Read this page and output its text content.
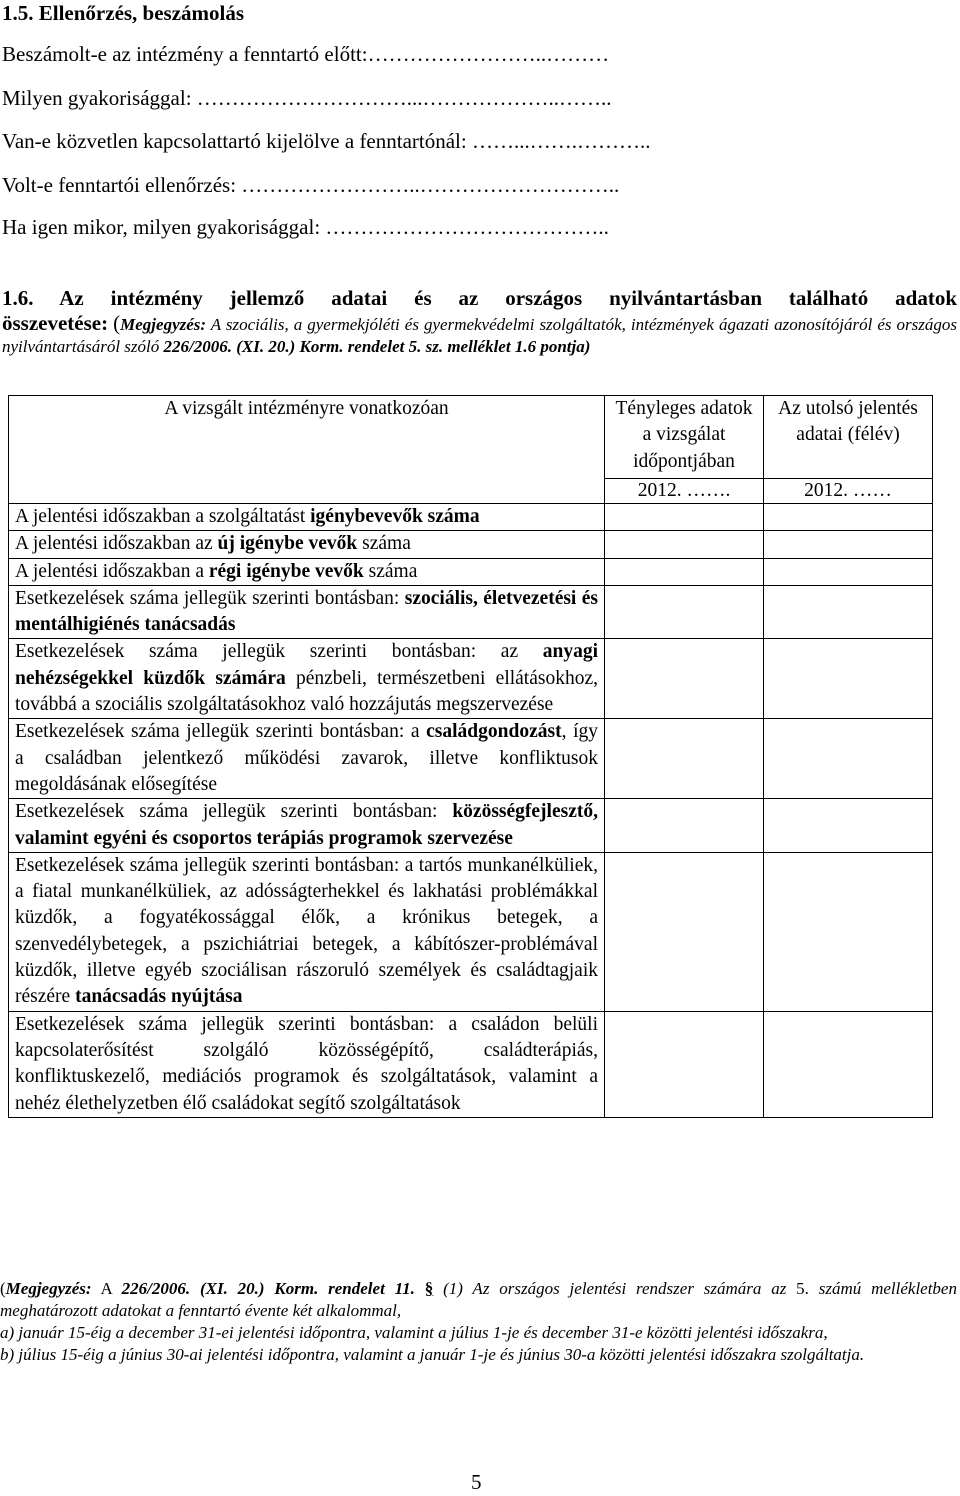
1.5. Ellenőrzés, beszámolás
Beszámolt-e az intézmény a fenntartó előtt:……………………..………
Milyen gyakorisággal: …………………………...………………..……..
Van-e közvetlen kapcsolattartó kijelölve a fenntartónál: ……...…….………..
Volt-e fenntartói ellenőrzés: ……………………..………………………..
Ha igen mikor, milyen gyakorisággal: …………………………………..
1.6. Az intézmény jellemző adatai és az országos nyilvántartásban található adatok
összevetése: (Megjegyzés: A szociális, a gyermekjóléti és gyermekvédelmi szolgáltatók, intézmények ágazati azonosítójáról és országos nyilvántartásáról szóló 226/2006. (XI. 20.) Korm. rendelet 5. sz. melléklet 1.6 pontja)
A vizsgált intézményre vonatkozóan	Tényleges adatok a vizsgálat időpontjában	Az utolsó jelentés adatai (félév)
	2012. …….	2012. ……
A jelentési időszakban a szolgáltatást igénybevevők száma		
A jelentési időszakban az új igénybe vevők száma		
A jelentési időszakban a régi igénybe vevők száma		
Esetkezelések száma jellegük szerinti bontásban: szociális, életvezetési és mentálhigiénés tanácsadás		
Esetkezelések száma jellegük szerinti bontásban: az anyagi nehézségekkel küzdők számára pénzbeli, természetbeni ellátásokhoz, továbbá a szociális szolgáltatásokhoz való hozzájutás megszervezése		
Esetkezelések száma jellegük szerinti bontásban: a családgondozást, így a családban jelentkező működési zavarok, illetve konfliktusok megoldásának elősegítése		
Esetkezelések száma jellegük szerinti bontásban: közösségfejlesztő, valamint egyéni és csoportos terápiás programok szervezése		
Esetkezelések száma jellegük szerinti bontásban: a tartós munkanélküliek, a fiatal munkanélküliek, az adósságterhekkel és lakhatási problémákkal küzdők, a fogyatékossággal élők, a krónikus betegek, a szenvedélybetegek, a pszichiátriai betegek, a kábítószer-problémával küzdők, illetve egyéb szociálisan rászoruló személyek és családtagjaik részére tanácsadás nyújtása		
Esetkezelések száma jellegük szerinti bontásban: a családon belüli kapcsolaterősítést szolgáló közösségépítő, családterápiás, konfliktuskezelő, mediációs programok és szolgáltatások, valamint a nehéz élethelyzetben élő családokat segítő szolgáltatások		

(Megjegyzés: A 226/2006. (XI. 20.) Korm. rendelet 11. § (1) Az országos jelentési rendszer számára az 5. számú mellékletben meghatározott adatokat a fenntartó évente két alkalommal,

a) január 15-éig a december 31-ei jelentési időpontra, valamint a július 1-je és december 31-e közötti jelentési időszakra,

b) július 15-éig a június 30-ai jelentési időpontra, valamint a január 1-je és június 30-a közötti jelentési időszakra szolgáltatja.

5
